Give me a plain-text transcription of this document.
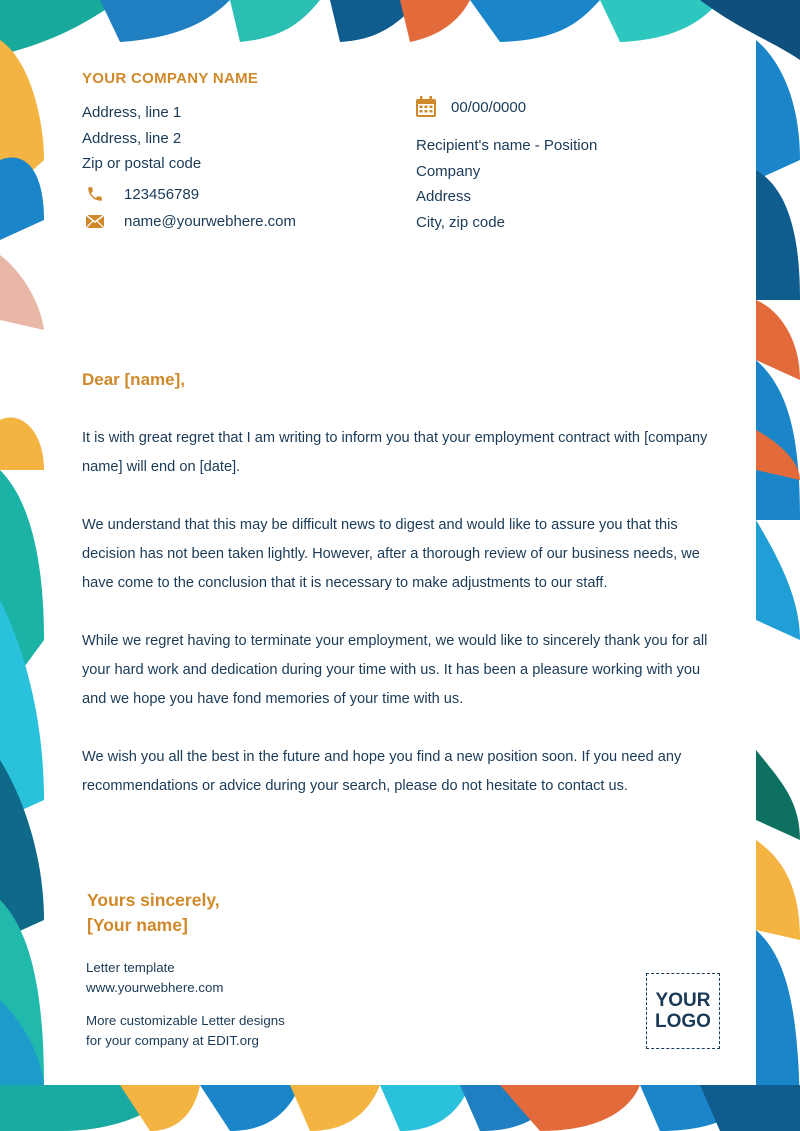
YOUR COMPANY NAME
Address, line 1
Address, line 2
Zip or postal code
123456789
name@yourwebhere.com
00/00/0000
Recipient's name - Position
Company
Address
City, zip code
Dear [name],

It is with great regret that I am writing to inform you that your employment contract with [company name] will end on [date].

We understand that this may be difficult news to digest and would like to assure you that this decision has not been taken lightly. However, after a thorough review of our business needs, we have come to the conclusion that it is necessary to make adjustments to our staff.

While we regret having to terminate your employment, we would like to sincerely thank you for all your hard work and dedication during your time with us. It has been a pleasure working with you and we hope you have fond memories of your time with us.

We wish you all the best in the future and hope you find a new position soon. If you need any recommendations or advice during your search, please do not hesitate to contact us.

Yours sincerely,
[Your name]
Letter template
www.yourwebhere.com
More customizable Letter designs
for your company at EDIT.org
YOUR
LOGO
